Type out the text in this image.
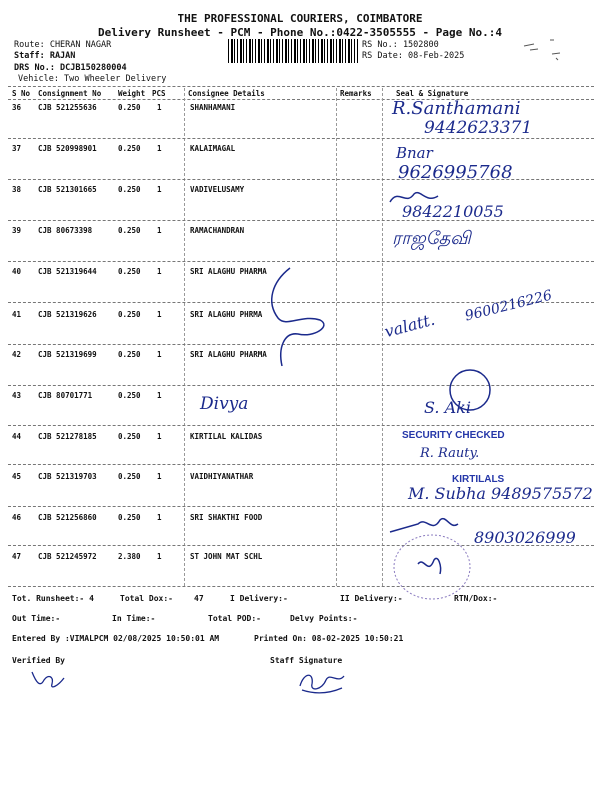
THE PROFESSIONAL COURIERS, COIMBATORE
Delivery Runsheet - PCM - Phone No.:0422-3505555 - Page No.:4
Route: CHERAN NAGAR
Staff: RAJAN
DRS No.: DCJB150280004
Vehicle: Two Wheeler Delivery
RS No.: 1502800
RS Date: 08-Feb-2025
S No Consignment No Weight PCS	Consignee Details	Remarks	Seal & Signature
36 CJB 521255636	0.250 1	SHANHAMANI
37 CJB 520998901	0.250 1	KALAIMAGAL
38 CJB 521301665	0.250 1	VADIVELUSAMY
39 CJB 80673398	0.250 1	RAMACHANDRAN
40 CJB 521319644	0.250 1	SRI ALAGHU PHARMA
41 CJB 521319626	0.250 1	SRI ALAGHU PHRMA
42 CJB 521319699	0.250 1	SRI ALAGHU PHARMA
43 CJB 80701771	0.250 1
44 CJB 521278185	0.250 1	KIRTILAL KALIDAS
45 CJB 521319703	0.250 1	VAIDHIYANATHAR
46 CJB 521256860	0.250 1	SRI SHAKTHI FOOD
47 CJB 521245972	2.380 1	ST JOHN MAT SCHL
R.Santhamani
9442623371
Bnar
9626995768
9842210055
ராஜதேவி
valatt.
9600216226
Divya	S. Aki
SECURITY CHECKED
R. Rauty.
KIRTILALS
M. Subha 9489575572
8903026999
Tot. Runsheet:- 4	Total Dox:-	47	I Delivery:-	II Delivery:-	RTN/Dox:-
Out Time:-	In Time:-	Total POD:-	Delvy Points:-
Entered By :VIMALPCM 02/08/2025 10:50:01 AM	Printed On: 08-02-2025 10:50:21
Verified By	Staff Signature
